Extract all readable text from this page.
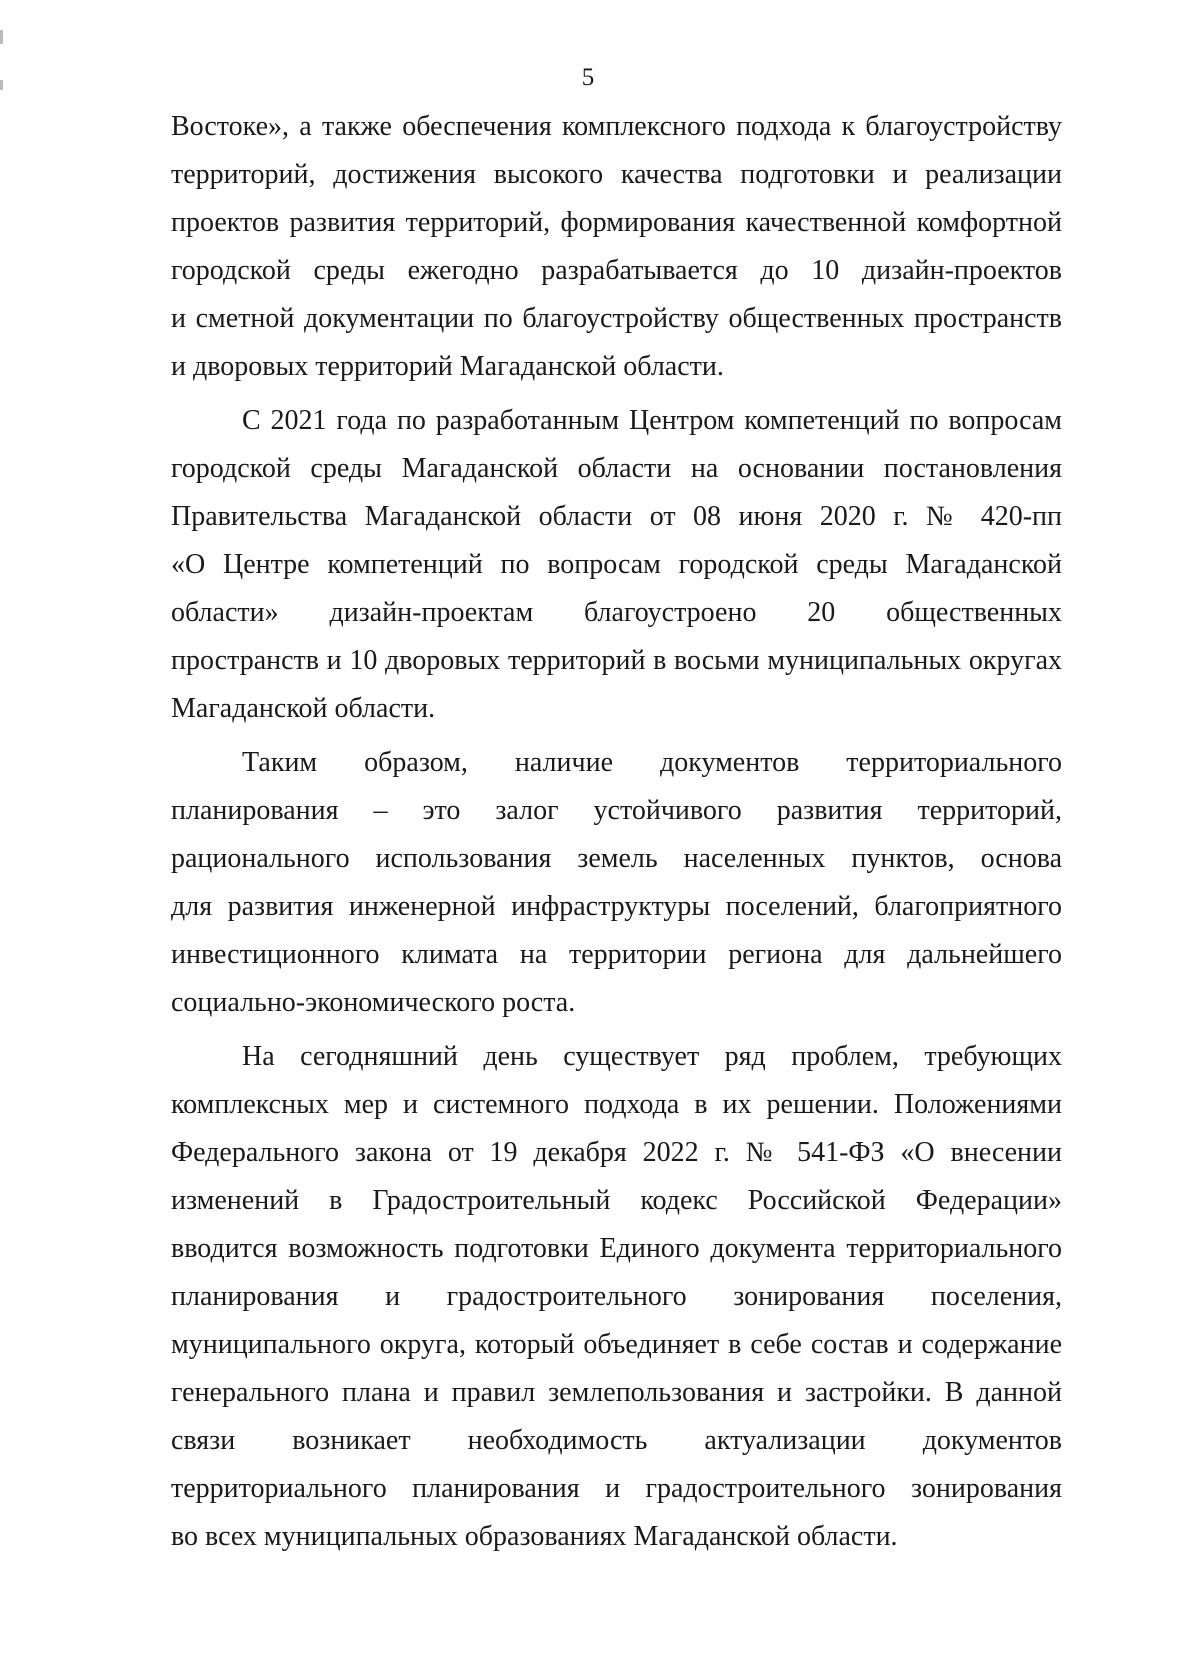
5
Востоке», а также обеспечения комплексного подхода к благоустройству
территорий, достижения высокого качества подготовки и реализации
проектов развития территорий, формирования качественной комфортной
городской среды ежегодно разрабатывается до 10 дизайн-проектов
и сметной документации по благоустройству общественных пространств
и дворовых территорий Магаданской области.
С 2021 года по разработанным Центром компетенций по вопросам
городской среды Магаданской области на основании постановления
Правительства Магаданской области от 08 июня 2020 г. № 420-пп
«О Центре компетенций по вопросам городской среды Магаданской
области» дизайн-проектам благоустроено 20 общественных
пространств и 10 дворовых территорий в восьми муниципальных округах
Магаданской области.
Таким образом, наличие документов территориального
планирования – это залог устойчивого развития территорий,
рационального использования земель населенных пунктов, основа
для развития инженерной инфраструктуры поселений, благоприятного
инвестиционного климата на территории региона для дальнейшего
социально-экономического роста.
На сегодняшний день существует ряд проблем, требующих
комплексных мер и системного подхода в их решении. Положениями
Федерального закона от 19 декабря 2022 г. № 541-ФЗ «О внесении
изменений в Градостроительный кодекс Российской Федерации»
вводится возможность подготовки Единого документа территориального
планирования и градостроительного зонирования поселения,
муниципального округа, который объединяет в себе состав и содержание
генерального плана и правил землепользования и застройки. В данной
связи возникает необходимость актуализации документов
территориального планирования и градостроительного зонирования
во всех муниципальных образованиях Магаданской области.
